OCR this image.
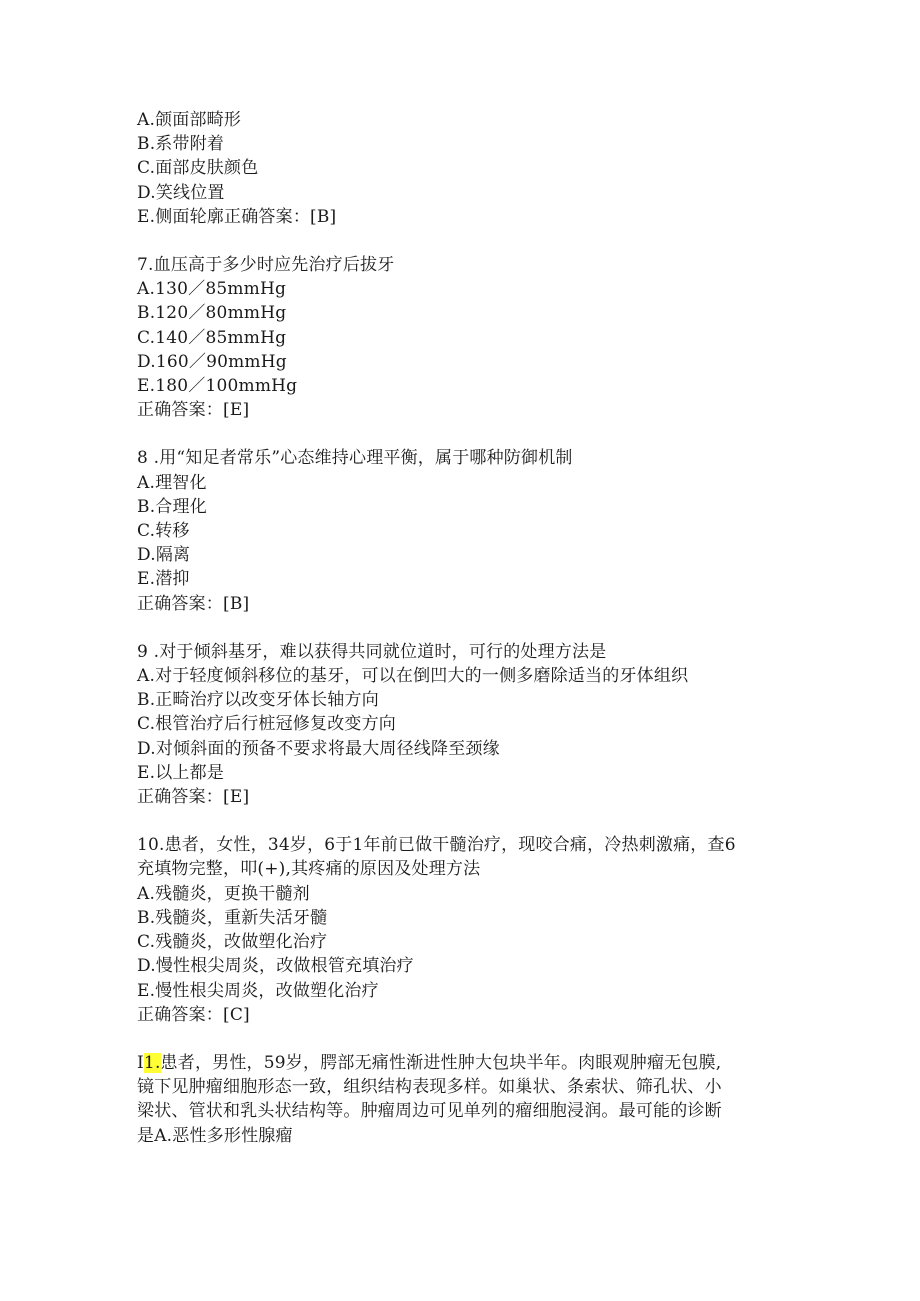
A.颌面部畸形
B.系带附着
C.面部皮肤颜色
D.笑线位置
E.侧面轮廓正确答案：[B]
7.血压高于多少时应先治疗后拔牙
A.130／85mmHg
B.120／80mmHg
C.140／85mmHg
D.160／90mmHg
E.180／100mmHg
正确答案：[E]
8 .用“知足者常乐”心态维持心理平衡，属于哪种防御机制
A.理智化
B.合理化
C.转移
D.隔离
E.潜抑
正确答案：[B]
9 .对于倾斜基牙，难以获得共同就位道时，可行的处理方法是
A.对于轻度倾斜移位的基牙，可以在倒凹大的一侧多磨除适当的牙体组织
B.正畸治疗以改变牙体长轴方向
C.根管治疗后行桩冠修复改变方向
D.对倾斜面的预备不要求将最大周径线降至颈缘
E.以上都是
正确答案：[E]
10.患者，女性，34岁，6于1年前已做干髓治疗，现咬合痛，冷热刺激痛，查6
充填物完整，叩(+),其疼痛的原因及处理方法
A.残髓炎，更换干髓剂
B.残髓炎，重新失活牙髓
C.残髓炎，改做塑化治疗
D.慢性根尖周炎，改做根管充填治疗
E.慢性根尖周炎，改做塑化治疗
正确答案：[C]
I1.患者，男性，59岁，腭部无痛性渐进性肿大包块半年。肉眼观肿瘤无包膜,
镜下见肿瘤细胞形态一致，组织结构表现多样。如巢状、条索状、筛孔状、小
梁状、管状和乳头状结构等。肿瘤周边可见单列的瘤细胞浸润。最可能的诊断
是A.恶性多形性腺瘤
